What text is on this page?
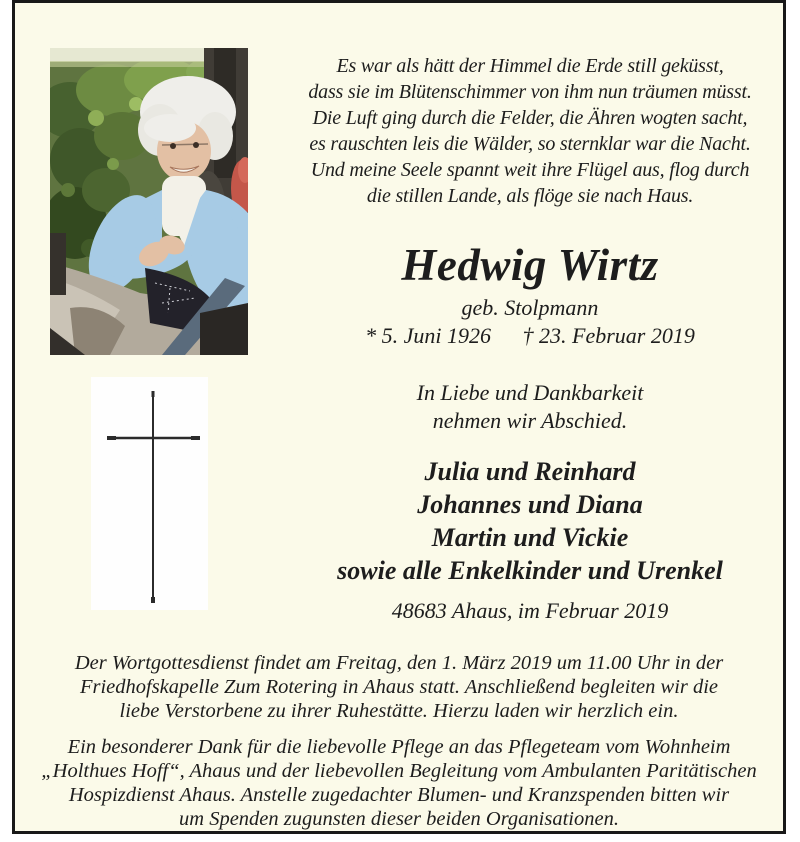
Es war als hätt der Himmel die Erde still geküsst,
dass sie im Blütenschimmer von ihm nun träumen müsst.
Die Luft ging durch die Felder, die Ähren wogten sacht,
es rauschten leis die Wälder, so sternklar war die Nacht.
Und meine Seele spannt weit ihre Flügel aus, flog durch
die stillen Lande, als flöge sie nach Haus.
Hedwig Wirtz
geb. Stolpmann
* 5. Juni 1926 † 23. Februar 2019
In Liebe und Dankbarkeit
nehmen wir Abschied.
Julia und Reinhard
Johannes und Diana
Martin und Vickie
sowie alle Enkelkinder und Urenkel
48683 Ahaus, im Februar 2019
Der Wortgottesdienst findet am Freitag, den 1. März 2019 um 11.00 Uhr in der
Friedhofskapelle Zum Rotering in Ahaus statt. Anschließend begleiten wir die
liebe Verstorbene zu ihrer Ruhestätte. Hierzu laden wir herzlich ein.
Ein besonderer Dank für die liebevolle Pflege an das Pflegeteam vom Wohnheim
„Holthues Hoff“, Ahaus und der liebevollen Begleitung vom Ambulanten Paritätischen
Hospizdienst Ahaus. Anstelle zugedachter Blumen- und Kranzspenden bitten wir
um Spenden zugunsten dieser beiden Organisationen.
